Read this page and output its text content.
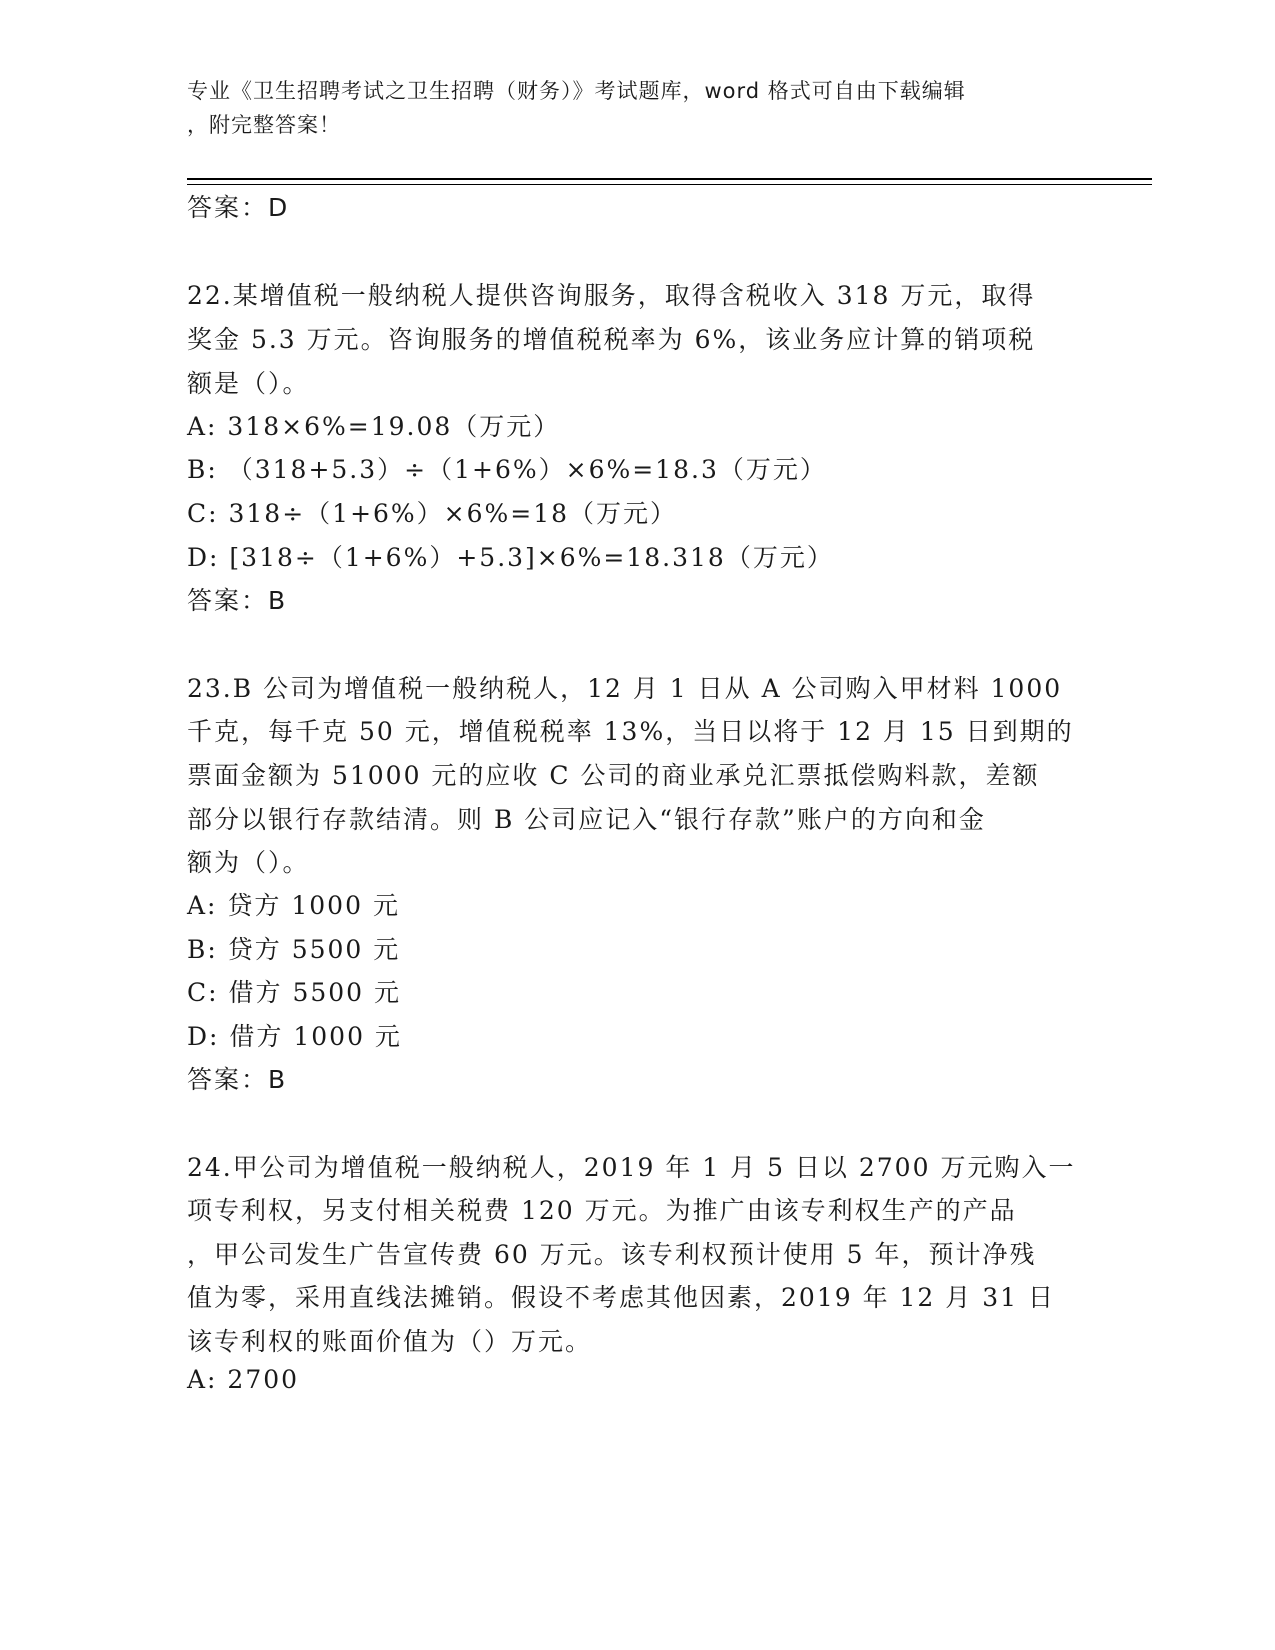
专业《卫生招聘考试之卫生招聘（财务）》考试题库，word 格式可自由下载编辑
，附完整答案！
答案：D
22.某增值税一般纳税人提供咨询服务，取得含税收入 318 万元，取得
奖金 5.3 万元。咨询服务的增值税税率为 6%，该业务应计算的销项税
额是（）。
A: 318×6%=19.08（万元）
B: （318+5.3）÷（1+6%）×6%=18.3（万元）
C: 318÷（1+6%）×6%=18（万元）
D: [318÷（1+6%）+5.3]×6%=18.318（万元）
答案：B
23.B 公司为增值税一般纳税人，12 月 1 日从 A 公司购入甲材料 1000
千克，每千克 50 元，增值税税率 13%，当日以将于 12 月 15 日到期的
票面金额为 51000 元的应收 C 公司的商业承兑汇票抵偿购料款，差额
部分以银行存款结清。则 B 公司应记入“银行存款”账户的方向和金
额为（）。
A: 贷方 1000 元
B: 贷方 5500 元
C: 借方 5500 元
D: 借方 1000 元
答案：B
24.甲公司为增值税一般纳税人，2019 年 1 月 5 日以 2700 万元购入一
项专利权，另支付相关税费 120 万元。为推广由该专利权生产的产品
，甲公司发生广告宣传费 60 万元。该专利权预计使用 5 年，预计净残
值为零，采用直线法摊销。假设不考虑其他因素，2019 年 12 月 31 日
该专利权的账面价值为（）万元。
A: 2700
